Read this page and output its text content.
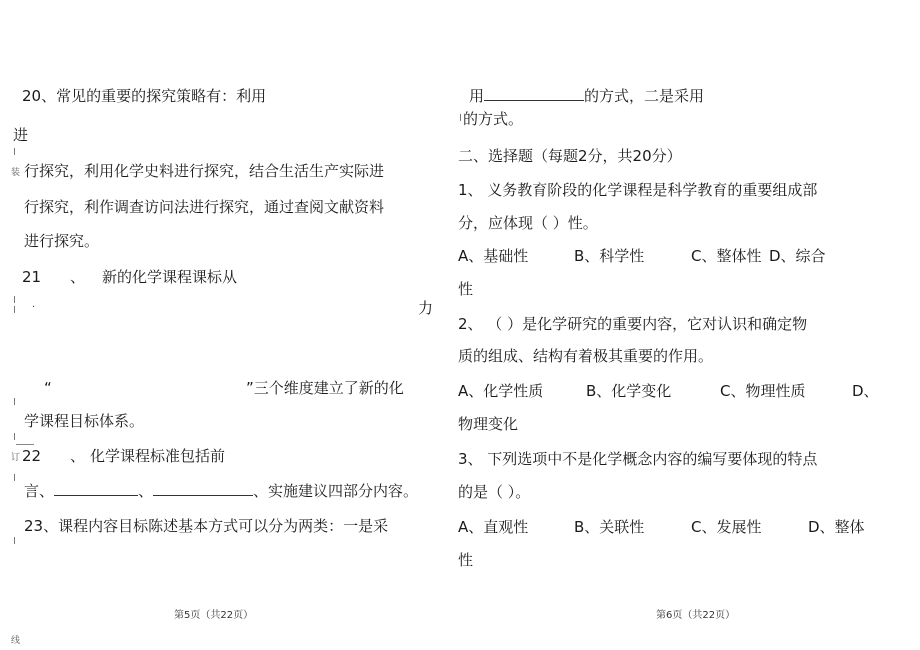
20、常见的重要的探究策略有：利用
进
装 行探究，利用化学史料进行探究，结合生活生产实际进
行探究，利作调查访问法进行探究，通过查阅文献资料
进行探究。
21 、 新的化学课程课标从
·	力
“	”三个维度建立了新的化
学课程目标体系。
订 22 、 化学课程标准包括前
言、	、	、实施建议四部分内容。
23、课程内容目标陈述基本方式可以分为两类：一是采
第5页（共22页）
线
用	的方式，二是采用
的方式。
二、选择题（每题2分，共20分）
1、 义务教育阶段的化学课程是科学教育的重要组成部
分，应体现（ ）性。
A、基础性	B、科学性	C、整体性 D、综合
性
2、 （ ）是化学研究的重要内容，它对认识和确定物
质的组成、结构有着极其重要的作用。
A、化学性质	B、化学变化	C、物理性质	D、
物理变化
3、 下列选项中不是化学概念内容的编写要体现的特点
的是（ ）。
A、直观性	B、关联性	C、发展性	D、整体
性
第6页（共22页）
